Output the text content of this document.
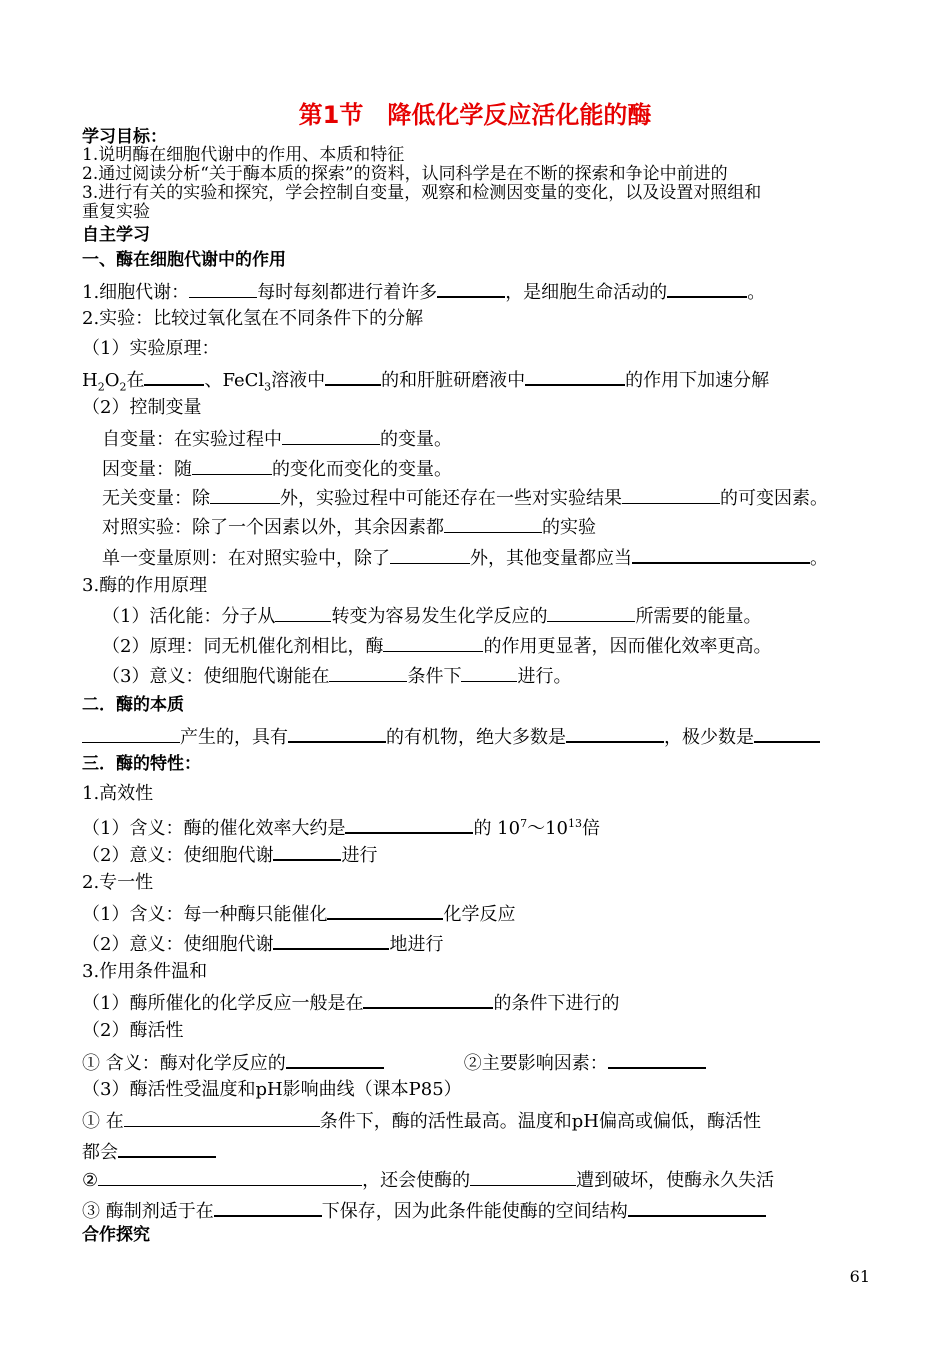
第1节　降低化学反应活化能的酶
学习目标：
1.说明酶在细胞代谢中的作用、本质和特征
2.通过阅读分析“关于酶本质的探索”的资料，认同科学是在不断的探索和争论中前进的
3.进行有关的实验和探究，学会控制自变量，观察和检测因变量的变化，以及设置对照组和
重复实验
自主学习
一、酶在细胞代谢中的作用
1.细胞代谢：	每时每刻都进行着许多	，是细胞生命活动的	。
2.实验：比较过氧化氢在不同条件下的分解
（1）实验原理：
$H_2O_2$在	、FeCl$_3$溶液中	的和肝脏研磨液中	的作用下加速分解
（2）控制变量
自变量：在实验过程中	的变量。
因变量：随	的变化而变化的变量。
无关变量：除	外，实验过程中可能还存在一些对实验结果	的可变因素。
对照实验：除了一个因素以外，其余因素都	的实验
单一变量原则：在对照实验中，除了	外，其他变量都应当	。
3.酶的作用原理
（1）活化能：分子从	转变为容易发生化学反应的	所需要的能量。
（2）原理：同无机催化剂相比，酶	的作用更显著，因而催化效率更高。
（3）意义：使细胞代谢能在	条件下	进行。
二．酶的本质
产生的，具有	的有机物，绝大多数是	，极少数是
三．酶的特性：
1.高效性
（1）含义：酶的催化效率大约是	的 $10^7\sim 10^{13}$倍
（2）意义：使细胞代谢	进行
2.专一性
（1）含义：每一种酶只能催化	化学反应
（2）意义：使细胞代谢	地进行
3.作用条件温和
（1）酶所催化的化学反应一般是在	的条件下进行的
（2）酶活性
① 含义：酶对化学反应的	②主要影响因素：
（3）酶活性受温度和pH影响曲线（课本P85）
① 在	条件下，酶的活性最高。温度和pH偏高或偏低，酶活性
都会
②	，还会使酶的	遭到破坏，使酶永久失活
③ 酶制剂适于在	下保存，因为此条件能使酶的空间结构
合作探究
61
